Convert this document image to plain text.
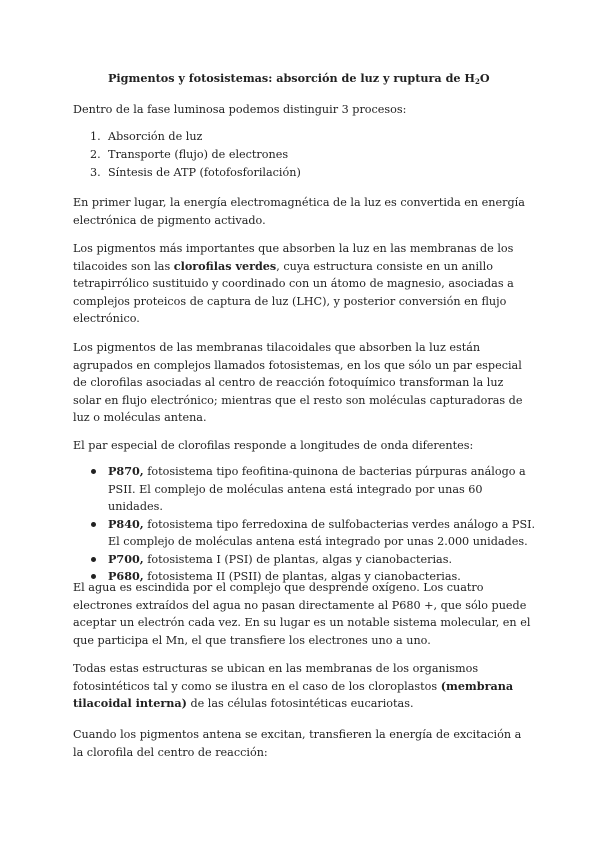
Pigmentos y fotosistemas: absorción de luz y ruptura de $H_2O$

Dentro de la fase luminosa podemos distinguir 3 procesos:

1. Absorción de luz
2. Transporte (flujo) de electrones
3. Síntesis de ATP (fotofosforilación)

En primer lugar, la energía electromagnética de la luz es convertida en energía electrónica de pigmento activado.

Los pigmentos más importantes que absorben la luz en las membranas de los tilacoides son las clorofilas verdes, cuya estructura consiste en un anillo tetrapirrólico sustituido y coordinado con un átomo de magnesio, asociadas a complejos proteicos de captura de luz (LHC), y posterior conversión en flujo electrónico.

Los pigmentos de las membranas tilacoidales que absorben la luz están agrupados en complejos llamados fotosistemas, en los que sólo un par especial de clorofilas asociadas al centro de reacción fotoquímico transforman la luz solar en flujo electrónico; mientras que el resto son moléculas capturadoras de luz o moléculas antena.

El par especial de clorofilas responde a longitudes de onda diferentes:

P870, fotosistema tipo feofitina-quinona de bacterias púrpuras análogo a PSII. El complejo de moléculas antena está integrado por unas 60 unidades.
P840, fotosistema tipo ferredoxina de sulfobacterias verdes análogo a PSI. El complejo de moléculas antena está integrado por unas 2.000 unidades.
P700, fotosistema I (PSI) de plantas, algas y cianobacterias.
P680, fotosistema II (PSII) de plantas, algas y cianobacterias.

El agua es escindida por el complejo que desprende oxígeno. Los cuatro electrones extraídos del agua no pasan directamente al P680 +, que sólo puede aceptar un electrón cada vez. En su lugar es un notable sistema molecular, en el que participa el Mn, el que transfiere los electrones uno a uno.

Todas estas estructuras se ubican en las membranas de los organismos fotosintéticos tal y como se ilustra en el caso de los cloroplastos (membrana tilacoidal interna) de las células fotosintéticas eucariotas.

Cuando los pigmentos antena se excitan, transfieren la energía de excitación a la clorofila del centro de reacción:
